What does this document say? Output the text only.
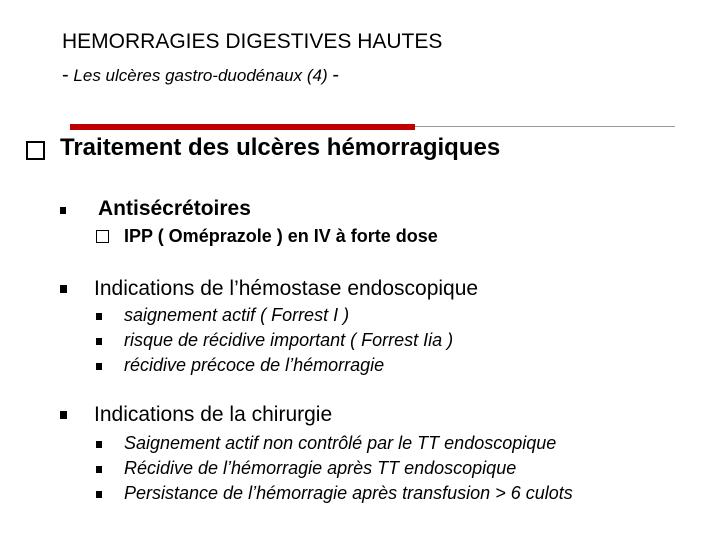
HEMORRAGIES DIGESTIVES HAUTES
- Les ulcères gastro-duodénaux (4) -
Traitement des ulcères hémorragiques
Antisécrétoires
IPP ( Oméprazole ) en IV à forte dose
Indications de l’hémostase endoscopique
saignement actif ( Forrest I )
risque de récidive important ( Forrest Iia )
récidive précoce de l’hémorragie
Indications de la chirurgie
Saignement actif non contrôlé par le TT endoscopique
Récidive de l’hémorragie après TT endoscopique
Persistance de l’hémorragie après transfusion > 6 culots
